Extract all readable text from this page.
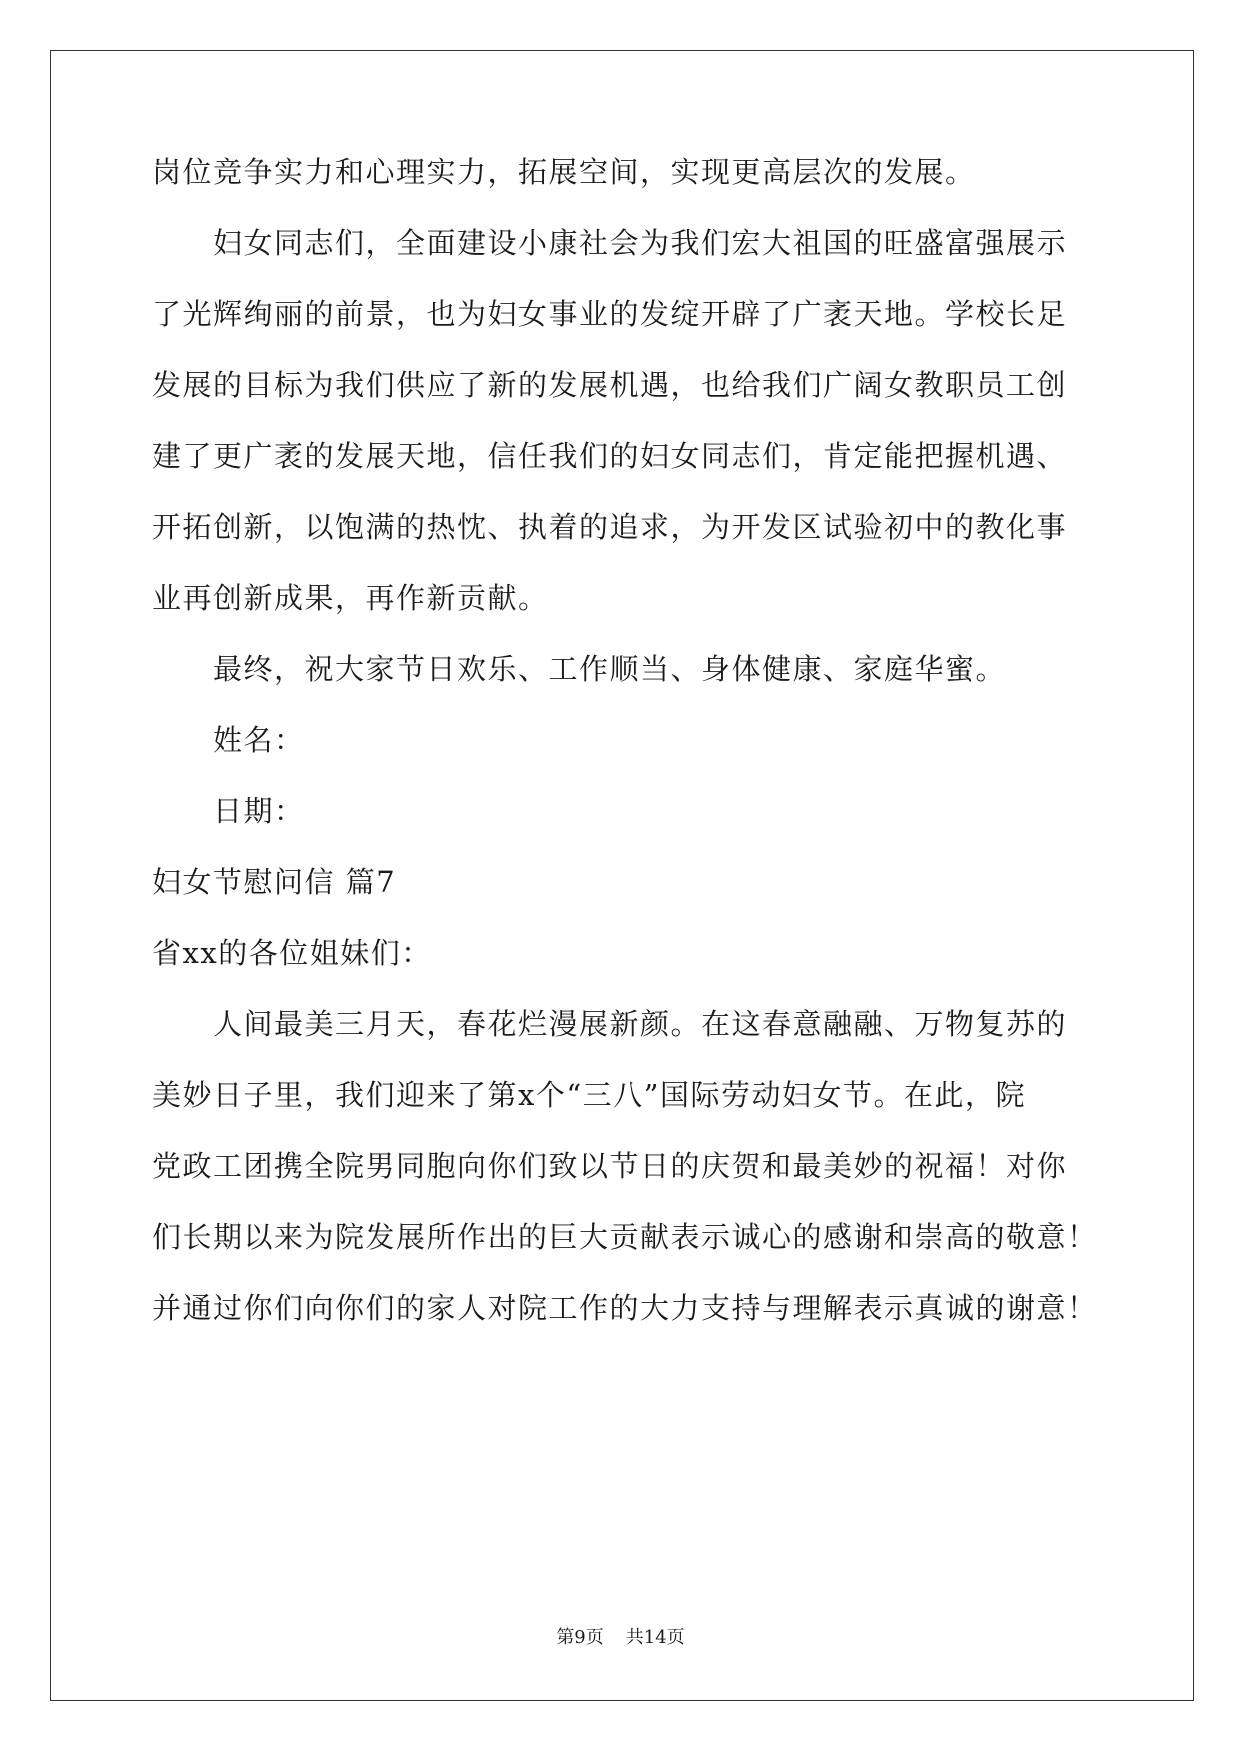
岗位竞争实力和心理实力，拓展空间，实现更高层次的发展。
妇女同志们，全面建设小康社会为我们宏大祖国的旺盛富强展示
了光辉绚丽的前景，也为妇女事业的发绽开辟了广袤天地。学校长足
发展的目标为我们供应了新的发展机遇，也给我们广阔女教职员工创
建了更广袤的发展天地，信任我们的妇女同志们，肯定能把握机遇、
开拓创新，以饱满的热忱、执着的追求，为开发区试验初中的教化事
业再创新成果，再作新贡献。
最终，祝大家节日欢乐、工作顺当、身体健康、家庭华蜜。
姓名：
日期：
妇女节慰问信 篇7
省xx的各位姐妹们：
人间最美三月天，春花烂漫展新颜。在这春意融融、万物复苏的
美妙日子里，我们迎来了第x个“三八”国际劳动妇女节。在此，院
党政工团携全院男同胞向你们致以节日的庆贺和最美妙的祝福！对你
们长期以来为院发展所作出的巨大贡献表示诚心的感谢和崇高的敬意！
并通过你们向你们的家人对院工作的大力支持与理解表示真诚的谢意！
第9页 共14页
